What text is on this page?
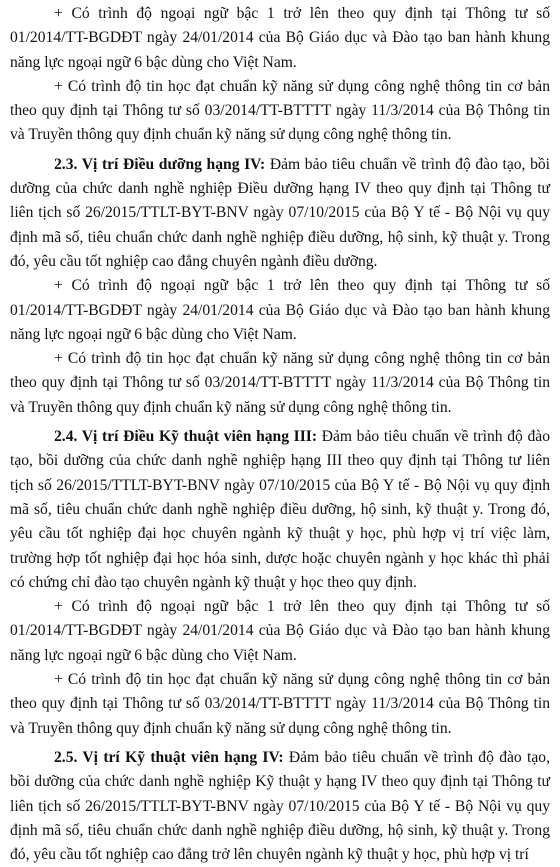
+ Có trình độ ngoại ngữ bậc 1 trở lên theo quy định tại Thông tư số 01/2014/TT-BGDĐT ngày 24/01/2014 của Bộ Giáo dục và Đào tạo ban hành khung năng lực ngoại ngữ 6 bậc dùng cho Việt Nam.

+ Có trình độ tin học đạt chuẩn kỹ năng sử dụng công nghệ thông tin cơ bản theo quy định tại Thông tư số 03/2014/TT-BTTTT ngày 11/3/2014 của Bộ Thông tin và Truyền thông quy định chuẩn kỹ năng sử dụng công nghệ thông tin.

2.3. Vị trí Điều dưỡng hạng IV: Đảm bảo tiêu chuẩn về trình độ đào tạo, bồi dưỡng của chức danh nghề nghiệp Điều dưỡng hạng IV theo quy định tại Thông tư liên tịch số 26/2015/TTLT-BYT-BNV ngày 07/10/2015 của Bộ Y tế - Bộ Nội vụ quy định mã số, tiêu chuẩn chức danh nghề nghiệp điều dưỡng, hộ sinh, kỹ thuật y. Trong đó, yêu cầu tốt nghiệp cao đẳng chuyên ngành điều dưỡng.

+ Có trình độ ngoại ngữ bậc 1 trở lên theo quy định tại Thông tư số 01/2014/TT-BGDĐT ngày 24/01/2014 của Bộ Giáo dục và Đào tạo ban hành khung năng lực ngoại ngữ 6 bậc dùng cho Việt Nam.

+ Có trình độ tin học đạt chuẩn kỹ năng sử dụng công nghệ thông tin cơ bản theo quy định tại Thông tư số 03/2014/TT-BTTTT ngày 11/3/2014 của Bộ Thông tin và Truyền thông quy định chuẩn kỹ năng sử dụng công nghệ thông tin.

2.4. Vị trí Điều Kỹ thuật viên hạng III: Đảm bảo tiêu chuẩn về trình độ đào tạo, bồi dưỡng của chức danh nghề nghiệp hạng III theo quy định tại Thông tư liên tịch số 26/2015/TTLT-BYT-BNV ngày 07/10/2015 của Bộ Y tế - Bộ Nội vụ quy định mã số, tiêu chuẩn chức danh nghề nghiệp điều dưỡng, hộ sinh, kỹ thuật y. Trong đó, yêu cầu tốt nghiệp đại học chuyên ngành kỹ thuật y học, phù hợp vị trí việc làm, trường hợp tốt nghiệp đại học hóa sinh, dược hoặc chuyên ngành y học khác thì phải có chứng chỉ đào tạo chuyên ngành kỹ thuật y học theo quy định.

+ Có trình độ ngoại ngữ bậc 1 trở lên theo quy định tại Thông tư số 01/2014/TT-BGDĐT ngày 24/01/2014 của Bộ Giáo dục và Đào tạo ban hành khung năng lực ngoại ngữ 6 bậc dùng cho Việt Nam.

+ Có trình độ tin học đạt chuẩn kỹ năng sử dụng công nghệ thông tin cơ bản theo quy định tại Thông tư số 03/2014/TT-BTTTT ngày 11/3/2014 của Bộ Thông tin và Truyền thông quy định chuẩn kỹ năng sử dụng công nghệ thông tin.

2.5. Vị trí Kỹ thuật viên hạng IV: Đảm bảo tiêu chuẩn về trình độ đào tạo, bồi dưỡng của chức danh nghề nghiệp Kỹ thuật y hạng IV theo quy định tại Thông tư liên tịch số 26/2015/TTLT-BYT-BNV ngày 07/10/2015 của Bộ Y tế - Bộ Nội vụ quy định mã số, tiêu chuẩn chức danh nghề nghiệp điều dưỡng, hộ sinh, kỹ thuật y. Trong đó, yêu cầu tốt nghiệp cao đẳng trở lên chuyên ngành kỹ thuật y học, phù hợp vị trí
